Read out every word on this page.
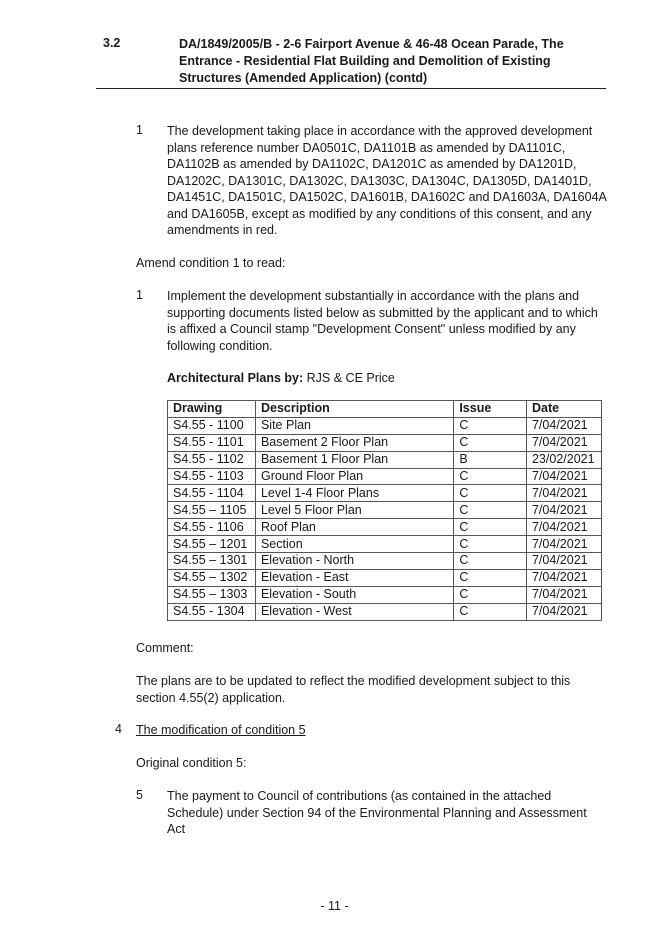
3.2	DA/1849/2005/B - 2-6 Fairport Avenue & 46-48 Ocean Parade, The Entrance - Residential Flat Building and Demolition of Existing Structures (Amended Application) (contd)
1 The development taking place in accordance with the approved development plans reference number DA0501C, DA1101B as amended by DA1101C, DA1102B as amended by DA1102C, DA1201C as amended by DA1201D, DA1202C, DA1301C, DA1302C, DA1303C, DA1304C, DA1305D, DA1401D, DA1451C, DA1501C, DA1502C, DA1601B, DA1602C and DA1603A, DA1604A and DA1605B, except as modified by any conditions of this consent, and any amendments in red.
Amend condition 1 to read:
1 Implement the development substantially in accordance with the plans and supporting documents listed below as submitted by the applicant and to which is affixed a Council stamp "Development Consent" unless modified by any following condition.
Architectural Plans by: RJS & CE Price
Drawing	Description	Issue	Date
S4.55 - 1100	Site Plan	C	7/04/2021
S4.55 - 1101	Basement 2 Floor Plan	C	7/04/2021
S4.55 - 1102	Basement 1 Floor Plan	B	23/02/2021
S4.55 - 1103	Ground Floor Plan	C	7/04/2021
S4.55 - 1104	Level 1-4 Floor Plans	C	7/04/2021
S4.55 – 1105	Level 5 Floor Plan	C	7/04/2021
S4.55 - 1106	Roof Plan	C	7/04/2021
S4.55 – 1201	Section	C	7/04/2021
S4.55 – 1301	Elevation - North	C	7/04/2021
S4.55 – 1302	Elevation - East	C	7/04/2021
S4.55 – 1303	Elevation - South	C	7/04/2021
S4.55 - 1304	Elevation - West	C	7/04/2021
Comment:
The plans are to be updated to reflect the modified development subject to this section 4.55(2) application.
4 The modification of condition 5
Original condition 5:
5 The payment to Council of contributions (as contained in the attached Schedule) under Section 94 of the Environmental Planning and Assessment Act
- 11 -
